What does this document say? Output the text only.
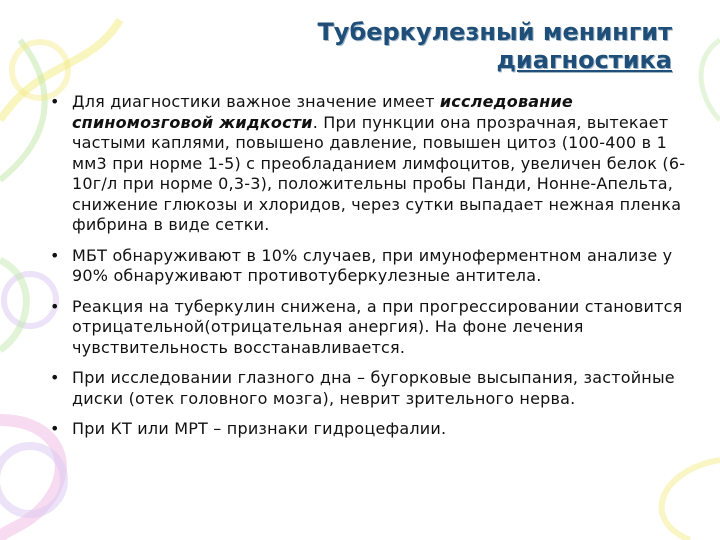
Туберкулезный менингит
диагностика
• Для диагностики важное значение имеет исследование спиномозговой жидкости. При пункции она прозрачная, вытекает частыми каплями, повышено давление, повышен цитоз (100-400 в 1 мм3 при норме 1-5) с преобладанием лимфоцитов, увеличен белок (6-10г/л при норме 0,3-3), положительны пробы Панди, Нонне-Апельта, снижение глюкозы и хлоридов, через сутки выпадает нежная пленка фибрина в виде сетки.
• МБТ обнаруживают в 10% случаев, при имуноферментном анализе у 90% обнаруживают противотуберкулезные антитела.
• Реакция на туберкулин снижена, а при прогрессировании становится отрицательной(отрицательная анергия). На фоне лечения чувствительность восстанавливается.
• При исследовании глазного дна – бугорковые высыпания, застойные диски (отек головного мозга), неврит зрительного нерва.
• При КТ или МРТ – признаки гидроцефалии.
